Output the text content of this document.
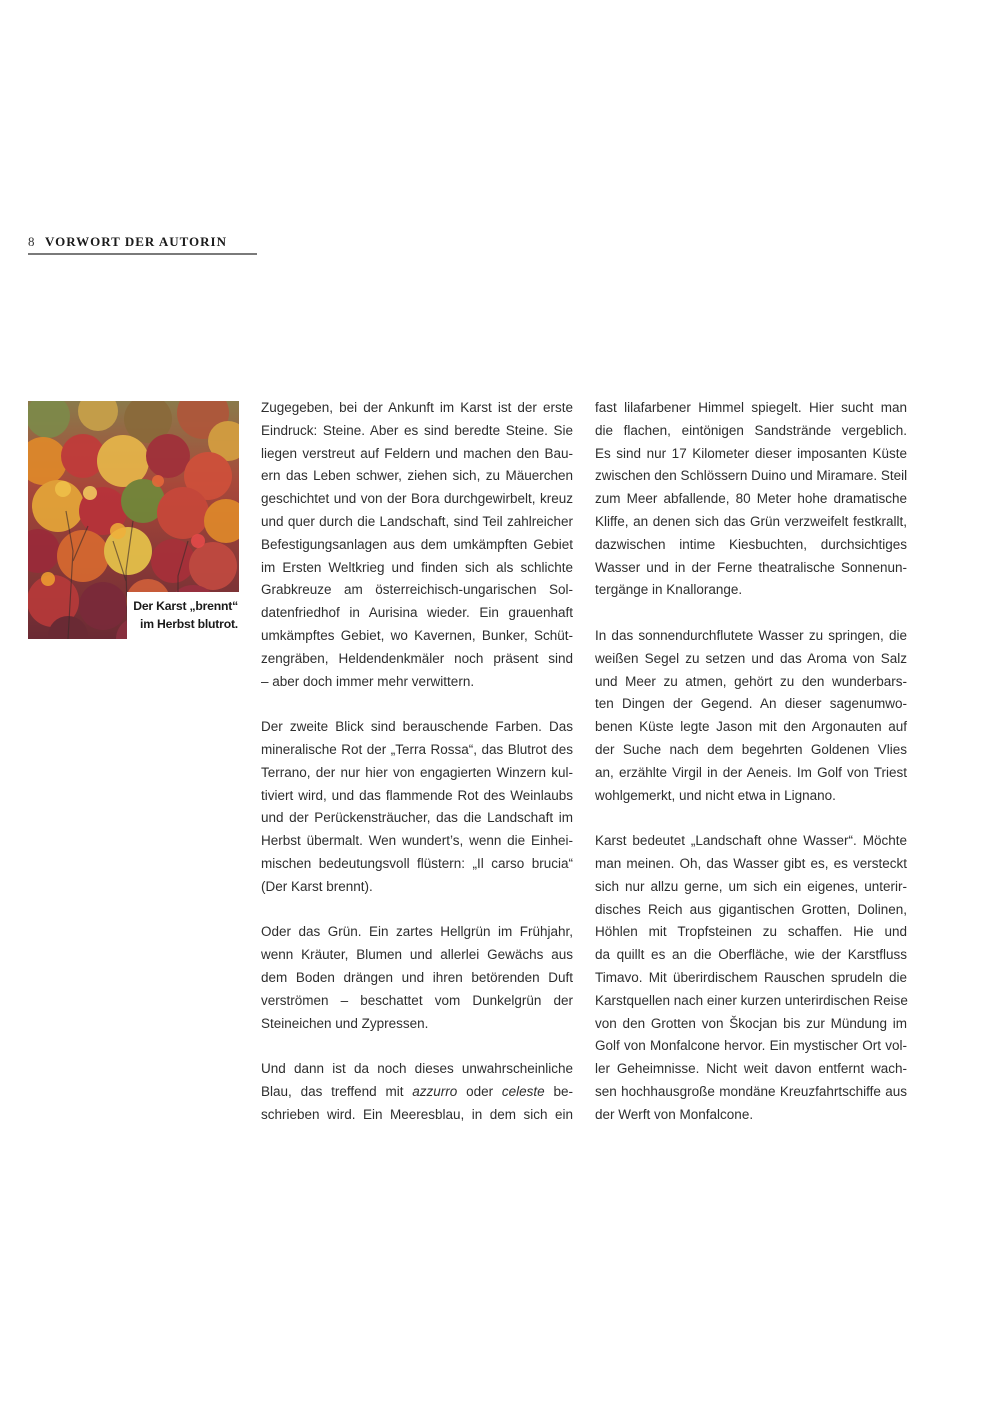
8 VORWORT DER AUTORIN
Der Karst „brennt“
im Herbst blutrot.

Zugegeben, bei der Ankunft im Karst ist der erste
Eindruck: Steine. Aber es sind beredte Steine. Sie
liegen verstreut auf Feldern und machen den Bau-
ern das Leben schwer, ziehen sich, zu Mäuerchen
geschichtet und von der Bora durchgewirbelt, kreuz
und quer durch die Landschaft, sind Teil zahlreicher
Befestigungsanlagen aus dem umkämpften Gebiet
im Ersten Weltkrieg und finden sich als schlichte
Grabkreuze am österreichisch-ungarischen Sol-
datenfriedhof in Aurisina wieder. Ein grauenhaft
umkämpftes Gebiet, wo Kavernen, Bunker, Schüt-
zengräben, Heldendenkmäler noch präsent sind
– aber doch immer mehr verwittern.

Der zweite Blick sind berauschende Farben. Das
mineralische Rot der „Terra Rossa“, das Blutrot des
Terrano, der nur hier von engagierten Winzern kul-
tiviert wird, und das flammende Rot des Weinlaubs
und der Perückensträucher, das die Landschaft im
Herbst übermalt. Wen wundert’s, wenn die Einhei-
mischen bedeutungsvoll flüstern: „Il carso brucia“
(Der Karst brennt).

Oder das Grün. Ein zartes Hellgrün im Frühjahr,
wenn Kräuter, Blumen und allerlei Gewächs aus
dem Boden drängen und ihren betörenden Duft
verströmen – beschattet vom Dunkelgrün der
Steineichen und Zypressen.

Und dann ist da noch dieses unwahrscheinliche
Blau, das treffend mit azzurro oder celeste be-
schrieben wird. Ein Meeresblau, in dem sich ein

fast lilafarbener Himmel spiegelt. Hier sucht man
die flachen, eintönigen Sandstrände vergeblich.
Es sind nur 17 Kilometer dieser imposanten Küste
zwischen den Schlössern Duino und Miramare. Steil
zum Meer abfallende, 80 Meter hohe dramatische
Kliffe, an denen sich das Grün verzweifelt festkrallt,
dazwischen intime Kiesbuchten, durchsichtiges
Wasser und in der Ferne theatralische Sonnenun-
tergänge in Knallorange.

In das sonnendurchflutete Wasser zu springen, die
weißen Segel zu setzen und das Aroma von Salz
und Meer zu atmen, gehört zu den wunderbars-
ten Dingen der Gegend. An dieser sagenumwo-
benen Küste legte Jason mit den Argonauten auf
der Suche nach dem begehrten Goldenen Vlies
an, erzählte Virgil in der Aeneis. Im Golf von Triest
wohlgemerkt, und nicht etwa in Lignano.

Karst bedeutet „Landschaft ohne Wasser“. Möchte
man meinen. Oh, das Wasser gibt es, es versteckt
sich nur allzu gerne, um sich ein eigenes, unterir-
disches Reich aus gigantischen Grotten, Dolinen,
Höhlen mit Tropfsteinen zu schaffen. Hie und
da quillt es an die Oberfläche, wie der Karstfluss
Timavo. Mit überirdischem Rauschen sprudeln die
Karstquellen nach einer kurzen unterirdischen Reise
von den Grotten von Škocjan bis zur Mündung im
Golf von Monfalcone hervor. Ein mystischer Ort vol-
ler Geheimnisse. Nicht weit davon entfernt wach-
sen hochhausgroße mondäne Kreuzfahrtschiffe aus
der Werft von Monfalcone.
